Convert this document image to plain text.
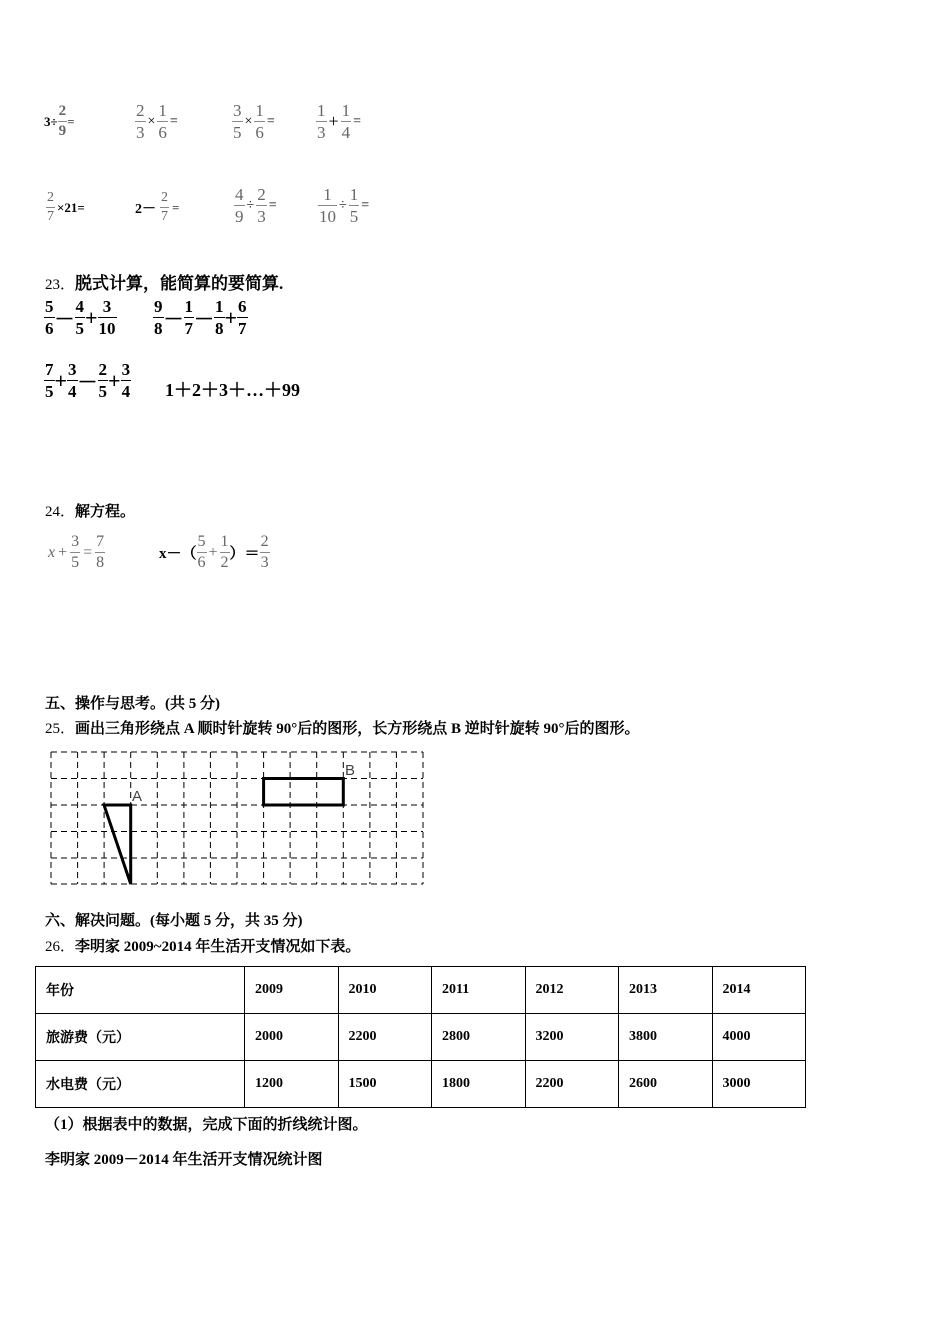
$3\div \frac{2}{9}$ =	$\frac{2}{3} \times \frac{1}{6}$ =	$\frac{3}{5} \times \frac{1}{6} = \frac{1}{3} + \frac{1}{4}$ =
$\frac{2}{7} \times 21=$	$2- \frac{2}{7}$ =	$\frac{4}{9} \div \frac{2}{3} = \frac{1}{10} \div \frac{1}{5}$ =
23．脱式计算，能简算的要简算.
$\frac{5}{6} - \frac{4}{5} + \frac{3}{10} \frac{9}{8} - \frac{1}{7} - \frac{1}{8} + \frac{6}{7}$
$\frac{7}{5} + \frac{3}{4} - \frac{2}{5} + \frac{3}{4}$ 1＋2＋3＋…＋99
24．解方程。
$x + \frac{3}{5} = \frac{7}{8}$	$x-( \frac{5}{6} + \frac{1}{2}$ ）＝ $\frac{2}{3}$
五、操作与思考。(共 5 分)
25．画出三角形绕点 A 顺时针旋转 90°后的图形，长方形绕点 B 逆时针旋转 90°后的图形。
A
B
六、解决问题。(每小题 5 分，共 35 分)
26．李明家 2009~2014 年生活开支情况如下表。
年份	2009	2010	2011	2012	2013	2014
旅游费（元）	2000	2200	2800	3200	3800	4000
水电费（元）	1200	1500	1800	2200	2600	3000
（1）根据表中的数据，完成下面的折线统计图。
李明家 2009－2014 年生活开支情况统计图
